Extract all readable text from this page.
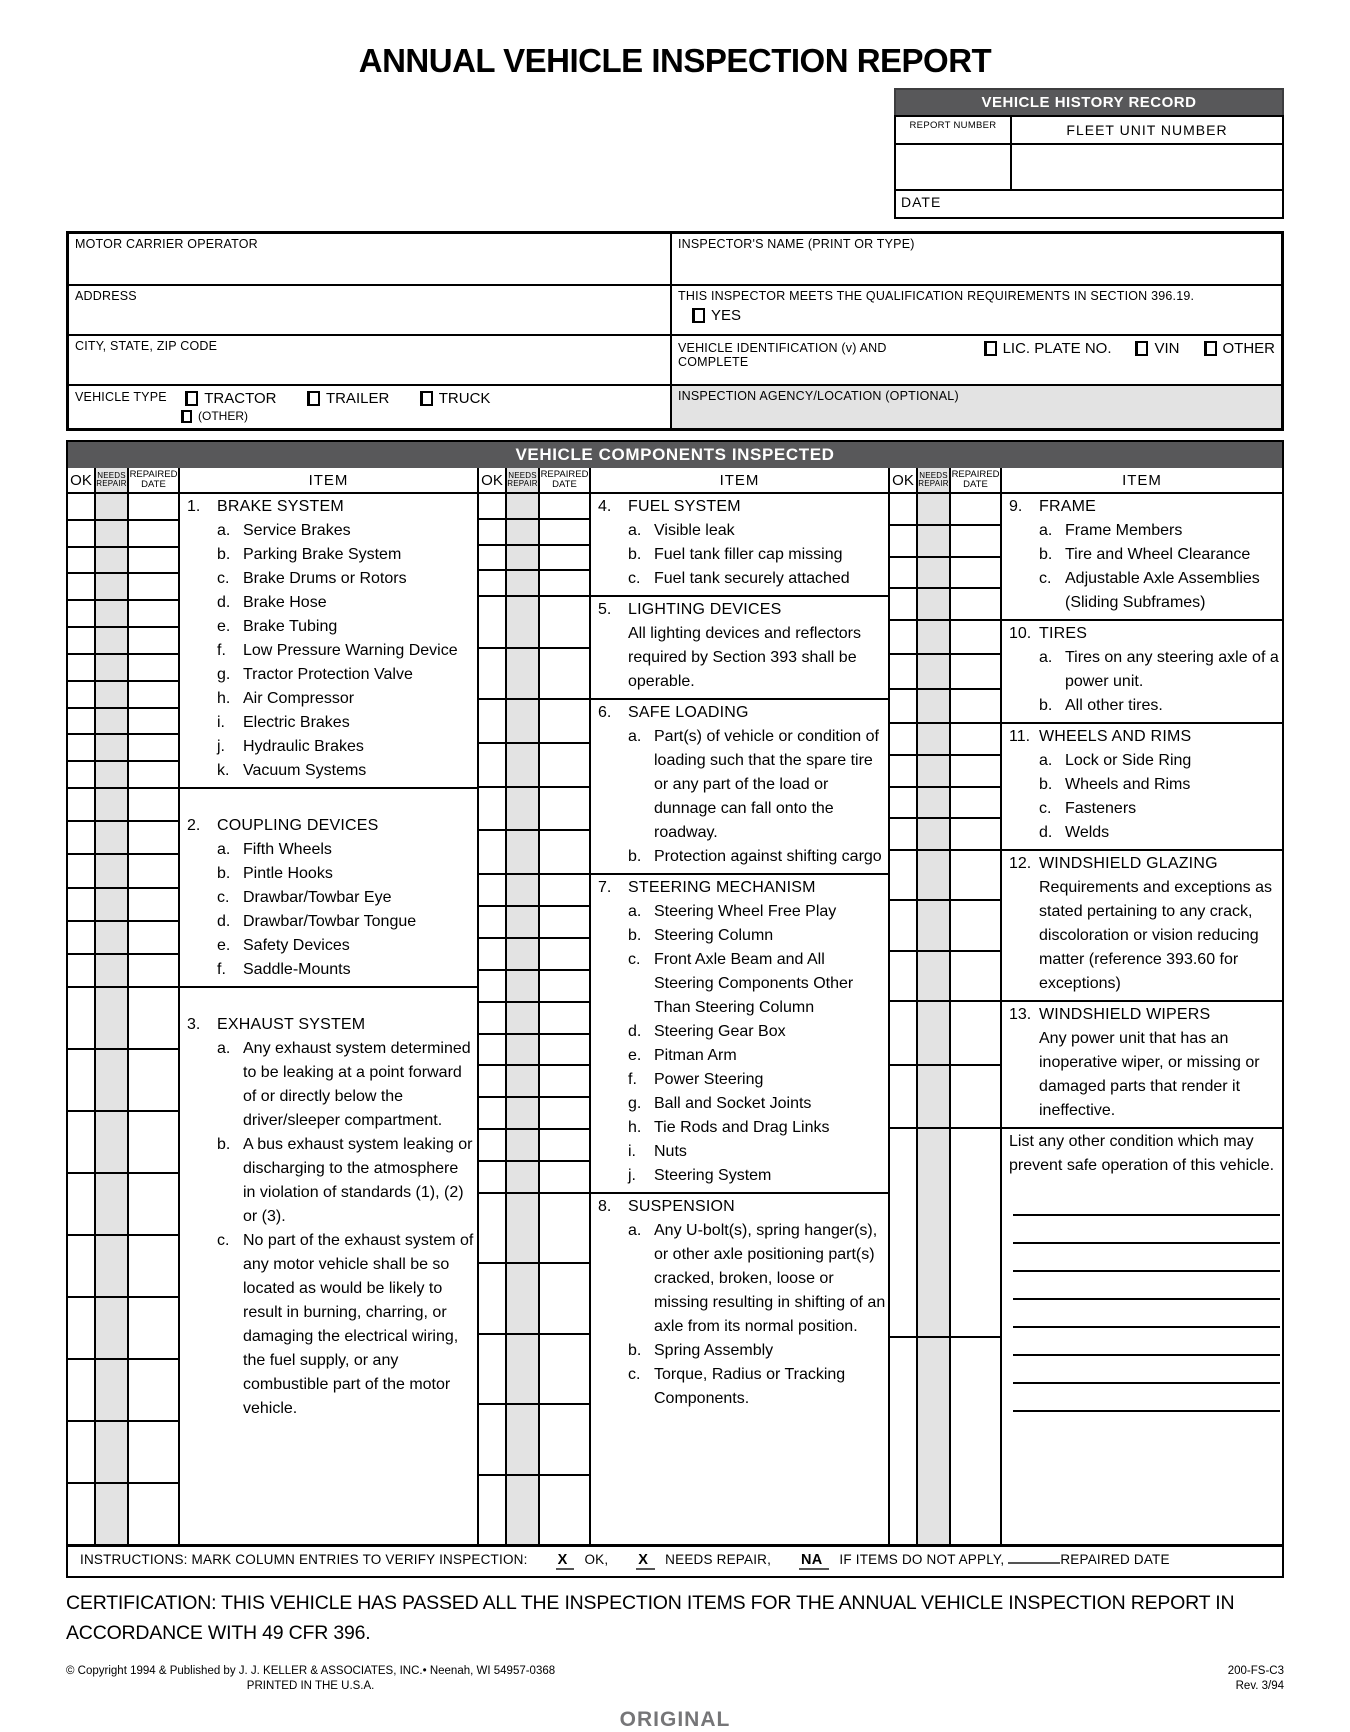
ANNUAL VEHICLE INSPECTION REPORT
VEHICLE HISTORY RECORD
REPORT NUMBER	FLEET UNIT NUMBER
DATE
MOTOR CARRIER OPERATOR	INSPECTOR'S NAME (PRINT OR TYPE)
ADDRESS	THIS INSPECTOR MEETS THE QUALIFICATION REQUIREMENTS IN SECTION 396.19.
YES
CITY, STATE, ZIP CODE	VEHICLE IDENTIFICATION (v) AND COMPLETE
LIC. PLATE NO.	VIN	OTHER
VEHICLE TYPE TRACTOR	TRAILER	TRUCK
(OTHER)
INSPECTION AGENCY/LOCATION (OPTIONAL)
VEHICLE COMPONENTS INSPECTED
OK NEEDS REPAIR
REPAIRED DATE	ITEM
1.	BRAKE SYSTEM
a. Service Brakes
b. Parking Brake System
c. Brake Drums or Rotors
d. Brake Hose
e. Brake Tubing
f.	Low Pressure Warning Device
g. Tractor Protection Valve
h. Air Compressor
i.	Electric Brakes
j.	Hydraulic Brakes
k. Vacuum Systems
2.	COUPLING DEVICES
a. Fifth Wheels
b. Pintle Hooks
c. Drawbar/Towbar Eye
d. Drawbar/Towbar Tongue
e. Safety Devices
f.	Saddle-Mounts
3.	EXHAUST SYSTEM
a. Any exhaust system determined to be leaking at a point forward of or directly below the driver/sleeper compartment.
b. A bus exhaust system leaking or discharging to the atmosphere in violation of standards (1), (2) or (3).
c. No part of the exhaust system of any motor vehicle shall be so located as would be likely to result in burning, charring, or damaging the electrical wiring, the fuel supply, or any combustible part of the motor vehicle.
OK NEEDS REPAIR
REPAIRED DATE	ITEM
4.	FUEL SYSTEM
a. Visible leak
b. Fuel tank filler cap missing
c. Fuel tank securely attached
5.	LIGHTING DEVICES
All lighting devices and reflectors required by Section 393 shall be operable.
6.	SAFE LOADING
a. Part(s) of vehicle or condition of loading such that the spare tire or any part of the load or dunnage can fall onto the roadway.
b. Protection against shifting cargo
7.	STEERING MECHANISM
a. Steering Wheel Free Play
b. Steering Column
c. Front Axle Beam and All Steering Components Other Than Steering Column
d. Steering Gear Box
e. Pitman Arm
f.	Power Steering
g. Ball and Socket Joints
h. Tie Rods and Drag Links
i.	Nuts
j.	Steering System
8.	SUSPENSION
a. Any U-bolt(s), spring hanger(s), or other axle positioning part(s) cracked, broken, loose or missing resulting in shifting of an axle from its normal position.
b. Spring Assembly
c. Torque, Radius or Tracking Components.
OK NEEDS REPAIR
REPAIRED DATE	ITEM
9.	FRAME
a. Frame Members
b. Tire and Wheel Clearance
c. Adjustable Axle Assemblies (Sliding Subframes)
10. TIRES
a. Tires on any steering axle of a power unit.
b. All other tires.
11. WHEELS AND RIMS
a. Lock or Side Ring
b. Wheels and Rims
c. Fasteners
d. Welds
12. WINDSHIELD GLAZING
Requirements and exceptions as stated pertaining to any crack, discoloration or vision reducing matter (reference 393.60 for exceptions)
13. WINDSHIELD WIPERS
Any power unit that has an inoperative wiper, or missing or damaged parts that render it ineffective.
List any other condition which may prevent safe operation of this vehicle.
INSTRUCTIONS: MARK COLUMN ENTRIES TO VERIFY INSPECTION: X	OK, X	NEEDS REPAIR, NA	IF ITEMS DO NOT APPLY,	REPAIRED DATE
CERTIFICATION: THIS VEHICLE HAS PASSED ALL THE INSPECTION ITEMS FOR THE ANNUAL VEHICLE INSPECTION REPORT IN ACCORDANCE WITH 49 CFR 396.
© Copyright 1994 & Published by J. J. KELLER & ASSOCIATES, INC.• Neenah, WI 54957-0368
PRINTED IN THE U.S.A.
200-FS-C3
Rev. 3/94
ORIGINAL
